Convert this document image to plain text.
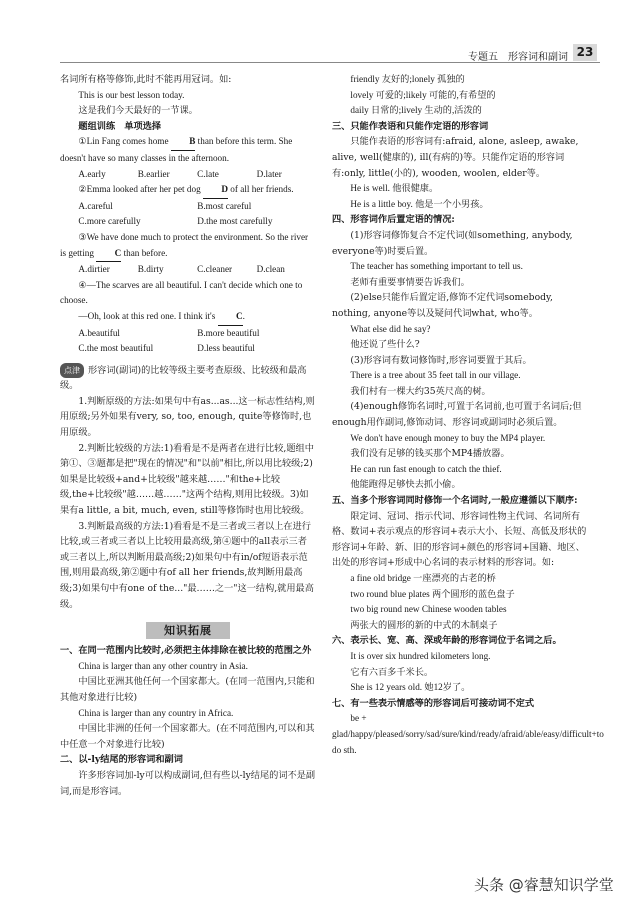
专题五　形容词和副词 23

名词所有格等修饰,此时不能再用冠词。如:

This is our best lesson today.

这是我们今天最好的一节课。

题组训练　单项选择

①Lin Fang comes home B than before this term. She doesn't have so many classes in the afternoon.

A.early	B.earlier	C.late	D.later

②Emma looked after her pet dog D of all her friends.

A.careful	B.most careful
C.more carefully	D.the most carefully

③We have done much to protect the environment. So the river is getting C than before.

A.dirtier	B.dirty	C.cleaner	D.clean

④—The scarves are all beautiful. I can't decide which one to choose.

—Oh, look at this red one. I think it's C.

A.beautiful	B.more beautiful
C.the most beautiful	D.less beautiful

点津 形容词(副词)的比较等级主要考查原级、比较级和最高级。

1.判断原级的方法:如果句中有as...as...这一标志性结构,则用原级;另外如果有very, so, too, enough, quite等修饰时,也用原级。

2.判断比较级的方法:1)看看是不是两者在进行比较,题组中第①、③题都是把"现在的情况"和"以前"相比,所以用比较级;2)如果是比较级+and+比较级"越来越……"和the+比较级,the+比较级"越……越……"这两个结构,则用比较级。3)如果有a little, a bit, much, even, still等修饰时也用比较级。

3.判断最高级的方法:1)看看是不是三者或三者以上在进行比较,或三者或三者以上比较用最高级,第④题中的all表示三者或三者以上,所以判断用最高级;2)如果句中有in/of短语表示范围,则用最高级,第②题中有of all her friends,故判断用最高级;3)如果句中有one of the..."最……之一"这一结构,就用最高级。

知识拓展

一、在同一范围内比较时,必须把主体排除在被比较的范围之外

China is larger than any other country in Asia.

中国比亚洲其他任何一个国家都大。(在同一范围内,只能和其他对象进行比较)

China is larger than any country in Africa.

中国比非洲的任何一个国家都大。(在不同范围内,可以和其中任意一个对象进行比较)

二、以-ly结尾的形容词和副词

许多形容词加-ly可以构成副词,但有些以-ly结尾的词不是副词,而是形容词。

friendly 友好的;lonely 孤独的

lovely 可爱的;likely 可能的,有希望的

daily 日常的;lively 生动的,活泼的

三、只能作表语和只能作定语的形容词

只能作表语的形容词有:afraid, alone, asleep, awake, alive, well(健康的), ill(有病的)等。只能作定语的形容词有:only, little(小的), wooden, woolen, elder等。

He is well. 他很健康。

He is a little boy. 他是一个小男孩。

四、形容词作后置定语的情况:

(1)形容词修饰复合不定代词(如something, anybody, everyone等)时要后置。

The teacher has something important to tell us.

老师有重要事情要告诉我们。

(2)else只能作后置定语,修饰不定代词somebody, nothing, anyone等以及疑问代词what, who等。

What else did he say?

他还说了些什么?

(3)形容词有数词修饰时,形容词要置于其后。

There is a tree about 35 feet tall in our village.

我们村有一棵大约35英尺高的树。

(4)enough修饰名词时,可置于名词前,也可置于名词后;但enough用作副词,修饰动词、形容词或副词时必须后置。

We don't have enough money to buy the MP4 player.

我们没有足够的钱买那个MP4播放器。

He can run fast enough to catch the thief.

他能跑得足够快去抓小偷。

五、当多个形容词同时修饰一个名词时,一般应遵循以下顺序:

限定词、冠词、指示代词、形容词性物主代词、名词所有格、数词+表示观点的形容词+表示大小、长短、高低及形状的形容词+年龄、新、旧的形容词+颜色的形容词+国籍、地区、出处的形容词+形成中心名词的表示材料的形容词。如:

a fine old bridge 一座漂亮的古老的桥

two round blue plates 两个圆形的蓝色盘子

two big round new Chinese wooden tables

两张大的圆形的新的中式的木制桌子

六、表示长、宽、高、深或年龄的形容词位于名词之后。

It is over six hundred kilometers long.

它有六百多千米长。

She is 12 years old. 她12岁了。

七、有一些表示情感等的形容词后可接动词不定式

be + glad/happy/pleased/sorry/sad/sure/kind/ready/afraid/able/easy/difficult+to do sth.

头条 @睿慧知识学堂
